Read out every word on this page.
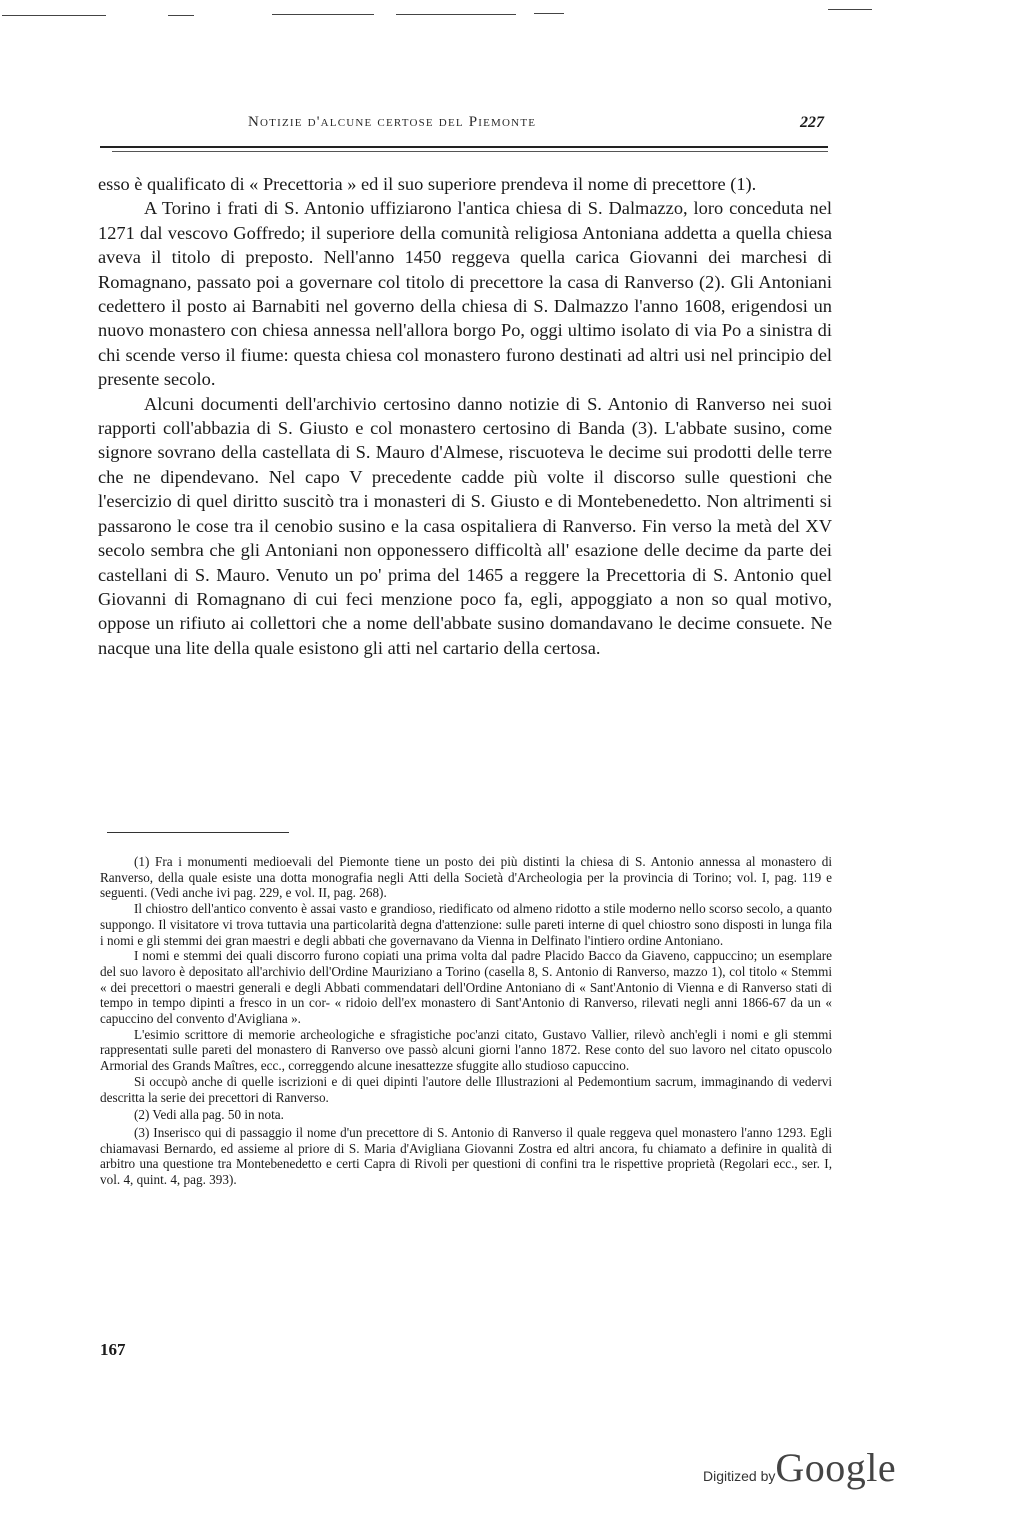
Notizie d'alcune certose del Piemonte	227

esso è qualificato di « Precettoria » ed il suo superiore prendeva il nome di precettore (1).

A Torino i frati di S. Antonio uffiziarono l'antica chiesa di S. Dalmazzo, loro conceduta nel 1271 dal vescovo Goffredo; il superiore della comunità religiosa Antoniana addetta a quella chiesa aveva il titolo di preposto. Nell'anno 1450 reggeva quella carica Giovanni dei marchesi di Romagnano, passato poi a governare col titolo di precettore la casa di Ranverso (2). Gli Antoniani cedettero il posto ai Barnabiti nel governo della chiesa di S. Dalmazzo l'anno 1608, erigendosi un nuovo monastero con chiesa annessa nell'allora borgo Po, oggi ultimo isolato di via Po a sinistra di chi scende verso il fiume: questa chiesa col monastero furono destinati ad altri usi nel principio del presente secolo.

Alcuni documenti dell'archivio certosino danno notizie di S. Antonio di Ranverso nei suoi rapporti coll'abbazia di S. Giusto e col monastero certosino di Banda (3). L'abbate susino, come signore sovrano della castellata di S. Mauro d'Almese, riscuoteva le decime sui prodotti delle terre che ne dipendevano. Nel capo V precedente cadde più volte il discorso sulle questioni che l'esercizio di quel diritto suscitò tra i monasteri di S. Giusto e di Montebenedetto. Non altrimenti si passarono le cose tra il cenobio susino e la casa ospitaliera di Ranverso. Fin verso la metà del XV secolo sembra che gli Antoniani non opponessero difficoltà all' esazione delle decime da parte dei castellani di S. Mauro. Venuto un po' prima del 1465 a reggere la Precettoria di S. Antonio quel Giovanni di Romagnano di cui feci menzione poco fa, egli, appoggiato a non so qual motivo, oppose un rifiuto ai collettori che a nome dell'abbate susino domandavano le decime consuete. Ne nacque una lite della quale esistono gli atti nel cartario della certosa.

(1) Fra i monumenti medioevali del Piemonte tiene un posto dei più distinti la chiesa di S. Antonio annessa al monastero di Ranverso, della quale esiste una dotta monografia negli Atti della Società d'Archeologia per la provincia di Torino; vol. I, pag. 119 e seguenti. (Vedi anche ivi pag. 229, e vol. II, pag. 268).

Il chiostro dell'antico convento è assai vasto e grandioso, riedificato od almeno ridotto a stile moderno nello scorso secolo, a quanto suppongo. Il visitatore vi trova tuttavia una particolarità degna d'attenzione: sulle pareti interne di quel chiostro sono disposti in lunga fila i nomi e gli stemmi dei gran maestri e degli abbati che governavano da Vienna in Delfinato l'intiero ordine Antoniano.

I nomi e stemmi dei quali discorro furono copiati una prima volta dal padre Placido Bacco da Giaveno, cappuccino; un esemplare del suo lavoro è depositato all'archivio dell'Ordine Mauriziano a Torino (casella 8, S. Antonio di Ranverso, mazzo 1), col titolo « Stemmi « dei precettori o maestri generali e degli Abbati commendatari dell'Ordine Antoniano di « Sant'Antonio di Vienna e di Ranverso stati di tempo in tempo dipinti a fresco in un cor- « ridoio dell'ex monastero di Sant'Antonio di Ranverso, rilevati negli anni 1866-67 da un « capuccino del convento d'Avigliana ».

L'esimio scrittore di memorie archeologiche e sfragistiche poc'anzi citato, Gustavo Vallier, rilevò anch'egli i nomi e gli stemmi rappresentati sulle pareti del monastero di Ranverso ove passò alcuni giorni l'anno 1872. Rese conto del suo lavoro nel citato opuscolo Armorial des Grands Maîtres, ecc., correggendo alcune inesattezze sfuggite allo studioso capuccino.

Si occupò anche di quelle iscrizioni e di quei dipinti l'autore delle Illustrazioni al Pedemontium sacrum, immaginando di vedervi descritta la serie dei precettori di Ranverso.

(2) Vedi alla pag. 50 in nota.

(3) Inserisco qui di passaggio il nome d'un precettore di S. Antonio di Ranverso il quale reggeva quel monastero l'anno 1293. Egli chiamavasi Bernardo, ed assieme al priore di S. Maria d'Avigliana Giovanni Zostra ed altri ancora, fu chiamato a definire in qualità di arbitro una questione tra Montebenedetto e certi Capra di Rivoli per questioni di confini tra le rispettive proprietà (Regolari ecc., ser. I, vol. 4, quint. 4, pag. 393).

167
Digitized byGoogle
